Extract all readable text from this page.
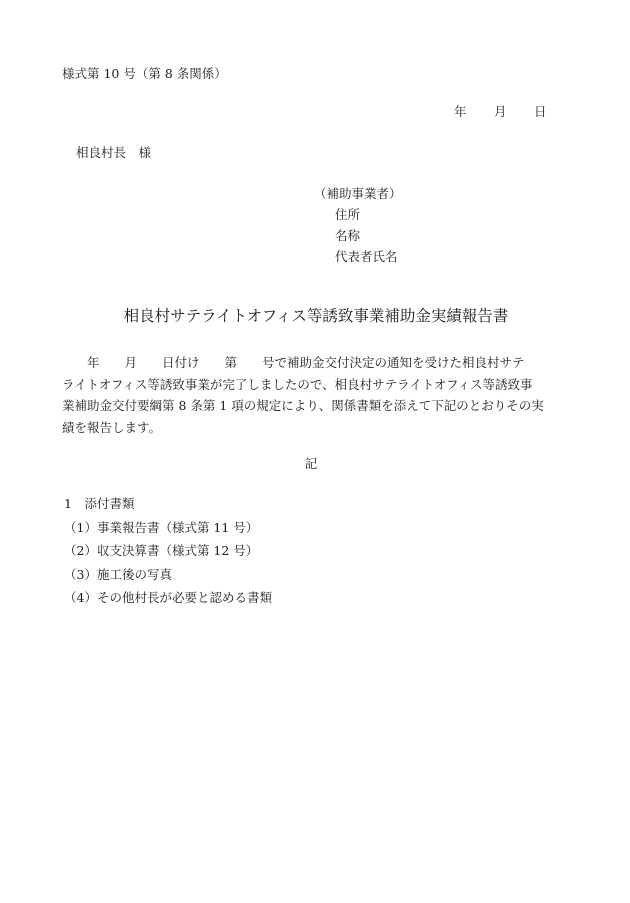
様式第 10 号（第 8 条関係）
年	月	日
相良村長　様
（補助事業者）
住所
名称
代表者氏名
相良村サテライトオフィス等誘致事業補助金実績報告書
　　年　　月　　日付け　　第　　号で補助金交付決定の通知を受けた相良村サテ
ライトオフィス等誘致事業が完了しましたので、相良村サテライトオフィス等誘致事
業補助金交付要綱第 8 条第 1 項の規定により、関係書類を添えて下記のとおりその実
績を報告します。
記
1　添付書類
（1）事業報告書（様式第 11 号）
（2）収支決算書（様式第 12 号）
（3）施工後の写真
（4）その他村長が必要と認める書類
